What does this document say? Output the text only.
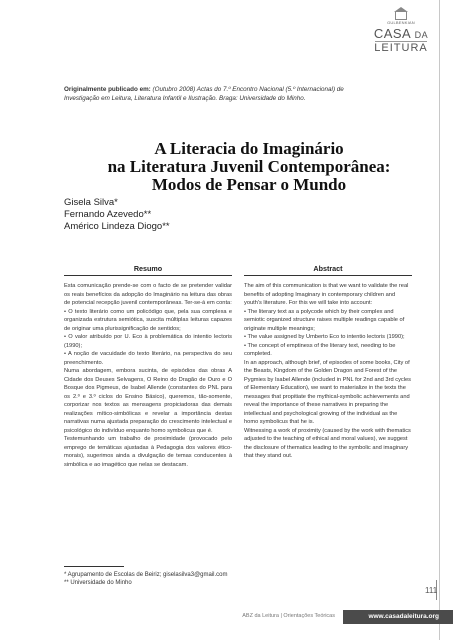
GULBENKIAN
CASA DA
LEITURA
Originalmente publicado em: (Outubro 2008) Actas do 7.º Encontro Nacional (5.º Internacional) de Investigação em Leitura, Literatura Infantil e Ilustração. Braga: Universidade do Minho.
A Literacia do Imaginário
na Literatura Juvenil Contemporânea:
Modos de Pensar o Mundo
Gisela Silva*
Fernando Azevedo**
Américo Lindeza Diogo**
Resumo

Esta comunicação prende-se com o facto de se pretender validar os reais benefícios da adopção do Imaginário na leitura das obras de potencial recepção juvenil contemporâneas. Ter-se-á em conta:

• O texto literário como um policódigo que, pela sua complexa e organizada estrutura semiótica, suscita múltiplas leituras capazes de originar uma plurissignificação de sentidos;

• O valor atribuído por U. Eco à problemática do intentio lectoris (1990);

• A noção de vacuidade do texto literário, na perspectiva do seu preenchimento.

Numa abordagem, embora sucinta, de episódios das obras A Cidade dos Deuses Selvagens, O Reino do Dragão de Ouro e O Bosque dos Pigmeus, de Isabel Allende (constantes do PNL para os 2.º e 3.º ciclos do Ensino Básico), queremos, tão-somente, corporizar nos textos as mensagens propiciadoras das demais realizações mítico-simbólicas e revelar a importância destas narrativas numa ajustada preparação do crescimento intelectual e psicológico do indivíduo enquanto homo symbolicus que é.

Testemunhando um trabalho de proximidade (provocado pelo emprego de temáticas ajustadas à Pedagogia dos valores ético-morais), sugerimos ainda a divulgação de temas conducentes à simbólica e ao imagético que nelas se destacam.

Abstract

The aim of this communication is that we want to validate the real benefits of adopting Imaginary in contemporary children and youth's literature. For this we will take into account:

• The literary text as a polycode which by their complex and semiotic organized structure raises multiple readings capable of originate multiple meanings;

• The value assigned by Umberto Eco to intentio lectoris (1990);

• The concept of emptiness of the literary text, needing to be completed.

In an approach, although brief, of episodes of some books, City of the Beasts, Kingdom of the Golden Dragon and Forest of the Pygmies by Isabel Allende (included in PNL for 2nd and 3rd cycles of Elementary Education), we want to materialize in the texts the messages that propitiate the mythical-symbolic achievements and reveal the importance of these narratives in preparing the intellectual and psychological growing of the individual as the homo symbolicus that he is.

Witnessing a work of proximity (caused by the work with thematics adjusted to the teaching of ethical and moral values), we suggest the disclosure of thematics leading to the symbolic and imaginary that they stand out.

* Agrupamento de Escolas de Beiriz; giselasilva3@gmail.com
** Universidade do Minho
111
ABZ da Leitura | Orientações Teóricas	www.casadaleitura.org
